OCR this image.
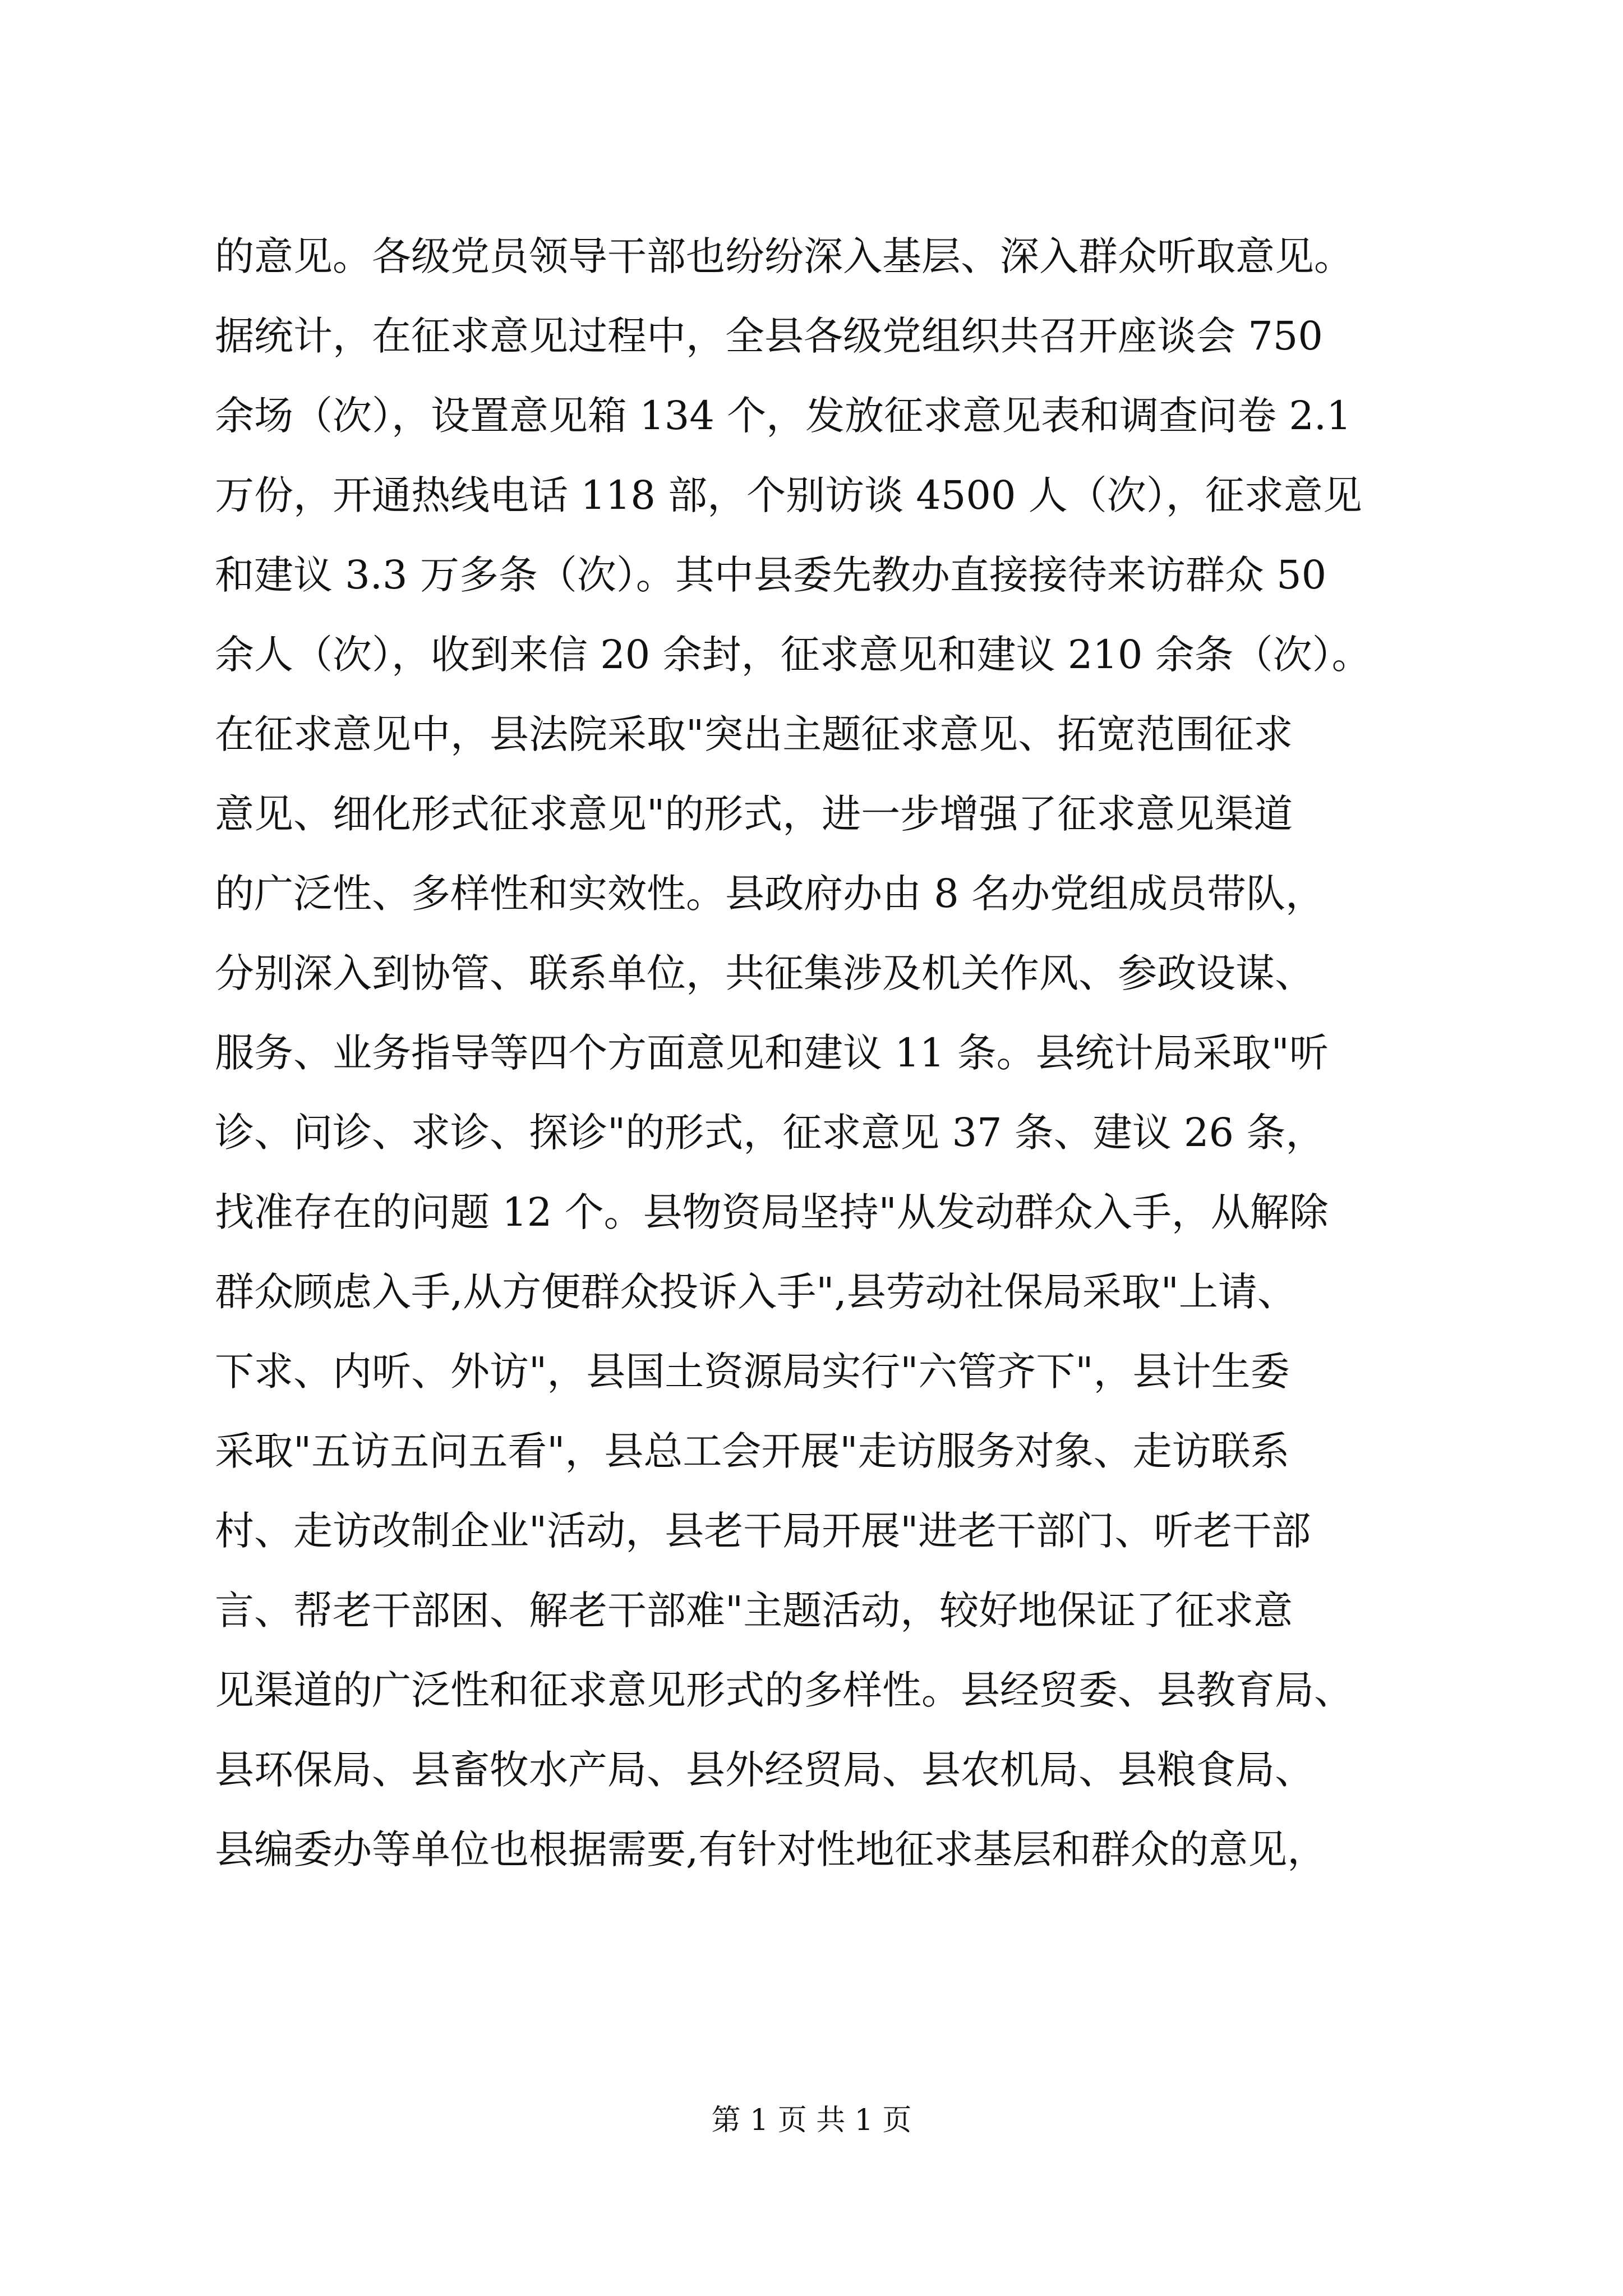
的意见。各级党员领导干部也纷纷深入基层、深入群众听取意见。
据统计，在征求意见过程中，全县各级党组织共召开座谈会 750
余场（次），设置意见箱 134 个，发放征求意见表和调查问卷 2.1
万份，开通热线电话 118 部，个别访谈 4500 人（次），征求意见
和建议 3.3 万多条（次）。其中县委先教办直接接待来访群众 50
余人（次），收到来信 20 余封，征求意见和建议 210 余条（次）。
在征求意见中，县法院采取"突出主题征求意见、拓宽范围征求
意见、细化形式征求意见"的形式，进一步增强了征求意见渠道
的广泛性、多样性和实效性。县政府办由 8 名办党组成员带队，
分别深入到协管、联系单位，共征集涉及机关作风、参政设谋、
服务、业务指导等四个方面意见和建议 11 条。县统计局采取"听
诊、问诊、求诊、探诊"的形式，征求意见 37 条、建议 26 条，
找准存在的问题 12 个。县物资局坚持"从发动群众入手，从解除
群众顾虑入手,从方便群众投诉入手",县劳动社保局采取"上请、
下求、内听、外访"，县国土资源局实行"六管齐下"，县计生委
采取"五访五问五看"，县总工会开展"走访服务对象、走访联系
村、走访改制企业"活动，县老干局开展"进老干部门、听老干部
言、帮老干部困、解老干部难"主题活动，较好地保证了征求意
见渠道的广泛性和征求意见形式的多样性。县经贸委、县教育局、
县环保局、县畜牧水产局、县外经贸局、县农机局、县粮食局、
县编委办等单位也根据需要,有针对性地征求基层和群众的意见，
第 1 页 共 1 页
